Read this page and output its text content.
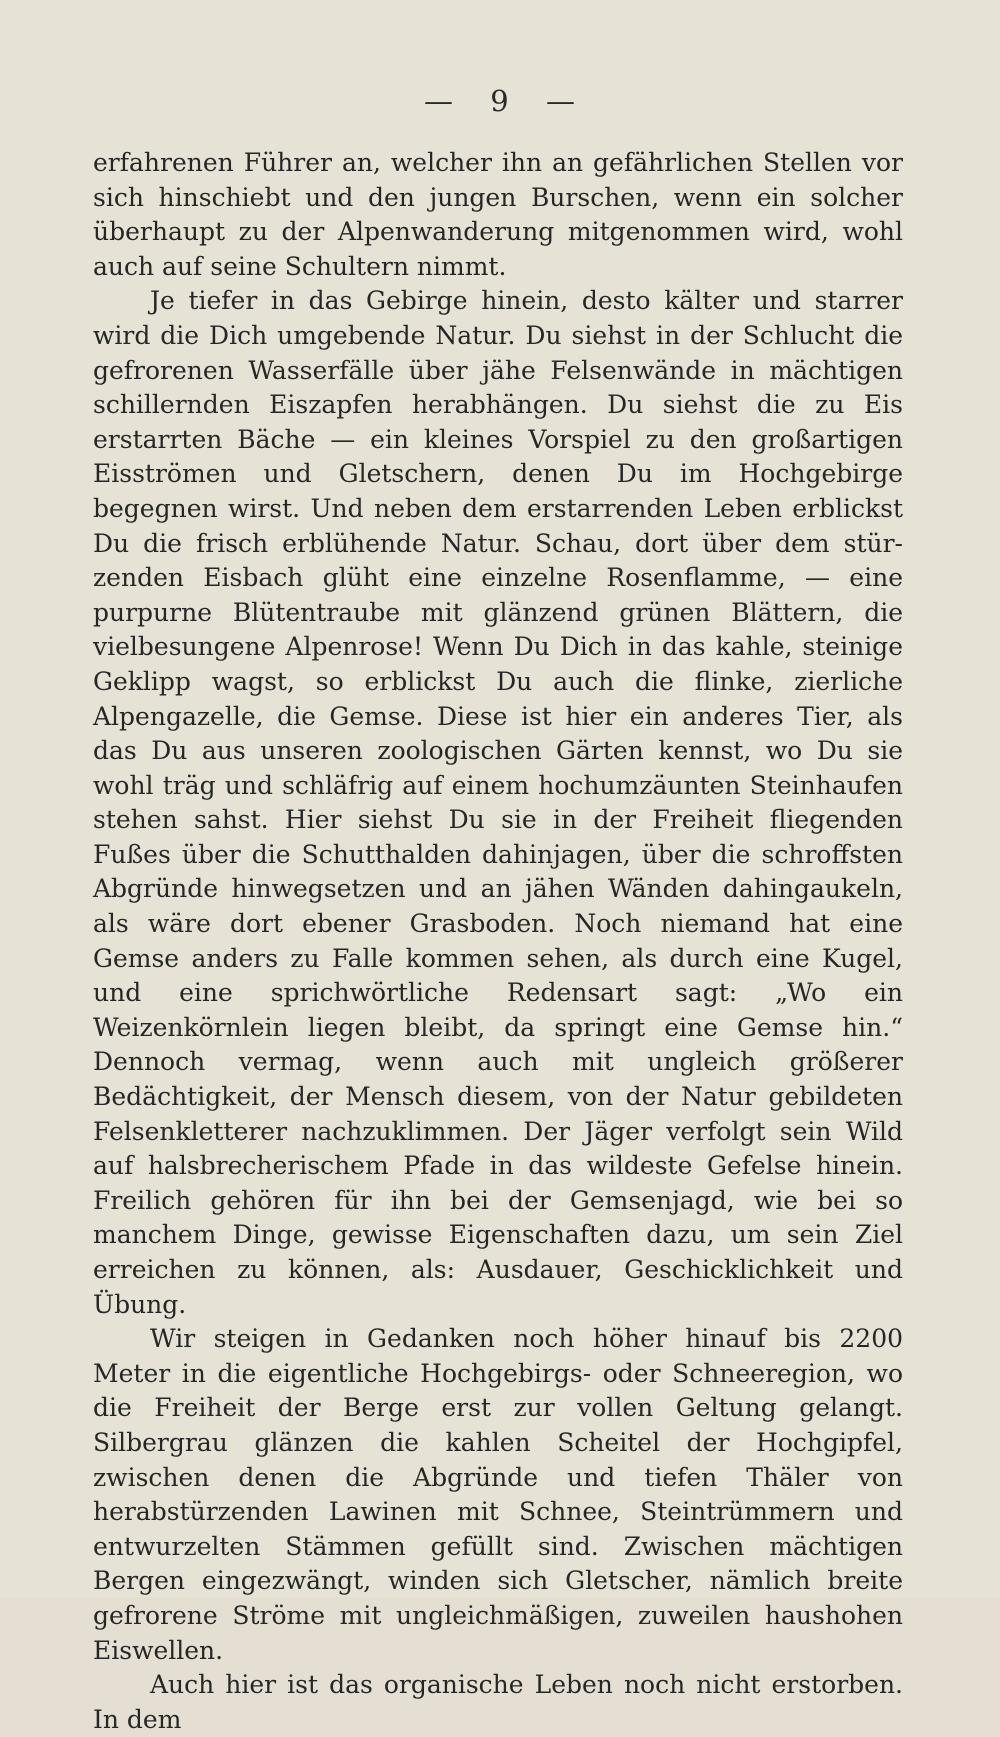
— 9 —

erfahrenen Führer an, welcher ihn an gefährlichen Stellen vor sich hinschiebt und den jungen Burschen, wenn ein solcher überhaupt zu der Alpenwanderung mitgenommen wird, wohl auch auf seine Schultern nimmt.

Je tiefer in das Gebirge hinein, desto kälter und starrer wird die Dich umgebende Natur. Du siehst in der Schlucht die gefrorenen Wasserfälle über jähe Felsenwände in mächtigen schillernden Eiszapfen herabhängen. Du siehst die zu Eis erstarrten Bäche — ein kleines Vorspiel zu den großartigen Eisströmen und Gletschern, denen Du im Hochgebirge begegnen wirst. Und neben dem erstarrenden Leben erblickst Du die frisch erblühende Natur. Schau, dort über dem stürzenden Eisbach glüht eine einzelne Rosenflamme, — eine purpurne Blütentraube mit glänzend grünen Blättern, die vielbesungene Alpenrose! Wenn Du Dich in das kahle, steinige Geklipp wagst, so erblickst Du auch die flinke, zierliche Alpengazelle, die Gemse. Diese ist hier ein anderes Tier, als das Du aus unseren zoologischen Gärten kennst, wo Du sie wohl träg und schläfrig auf einem hochumzäunten Steinhaufen stehen sahst. Hier siehst Du sie in der Freiheit fliegenden Fußes über die Schutthalden dahinjagen, über die schroffsten Abgründe hinwegsetzen und an jähen Wänden dahingaukeln, als wäre dort ebener Grasboden. Noch niemand hat eine Gemse anders zu Falle kommen sehen, als durch eine Kugel, und eine sprichwörtliche Redensart sagt: „Wo ein Weizenkörnlein liegen bleibt, da springt eine Gemse hin.“ Dennoch vermag, wenn auch mit ungleich größerer Bedächtigkeit, der Mensch diesem, von der Natur gebildeten Felsenkletterer nachzuklimmen. Der Jäger verfolgt sein Wild auf halsbrecherischem Pfade in das wildeste Gefelse hinein. Freilich gehören für ihn bei der Gemsenjagd, wie bei so manchem Dinge, gewisse Eigenschaften dazu, um sein Ziel erreichen zu können, als: Ausdauer, Geschicklichkeit und Übung.

Wir steigen in Gedanken noch höher hinauf bis 2200 Meter in die eigentliche Hochgebirgs- oder Schneeregion, wo die Freiheit der Berge erst zur vollen Geltung gelangt. Silbergrau glänzen die kahlen Scheitel der Hochgipfel, zwischen denen die Abgründe und tiefen Thäler von herabstürzenden Lawinen mit Schnee, Steintrümmern und entwurzelten Stämmen gefüllt sind. Zwischen mächtigen Bergen eingezwängt, winden sich Gletscher, nämlich breite gefrorene Ströme mit ungleichmäßigen, zuweilen haushohen Eiswellen.

Auch hier ist das organische Leben noch nicht erstorben. In dem
